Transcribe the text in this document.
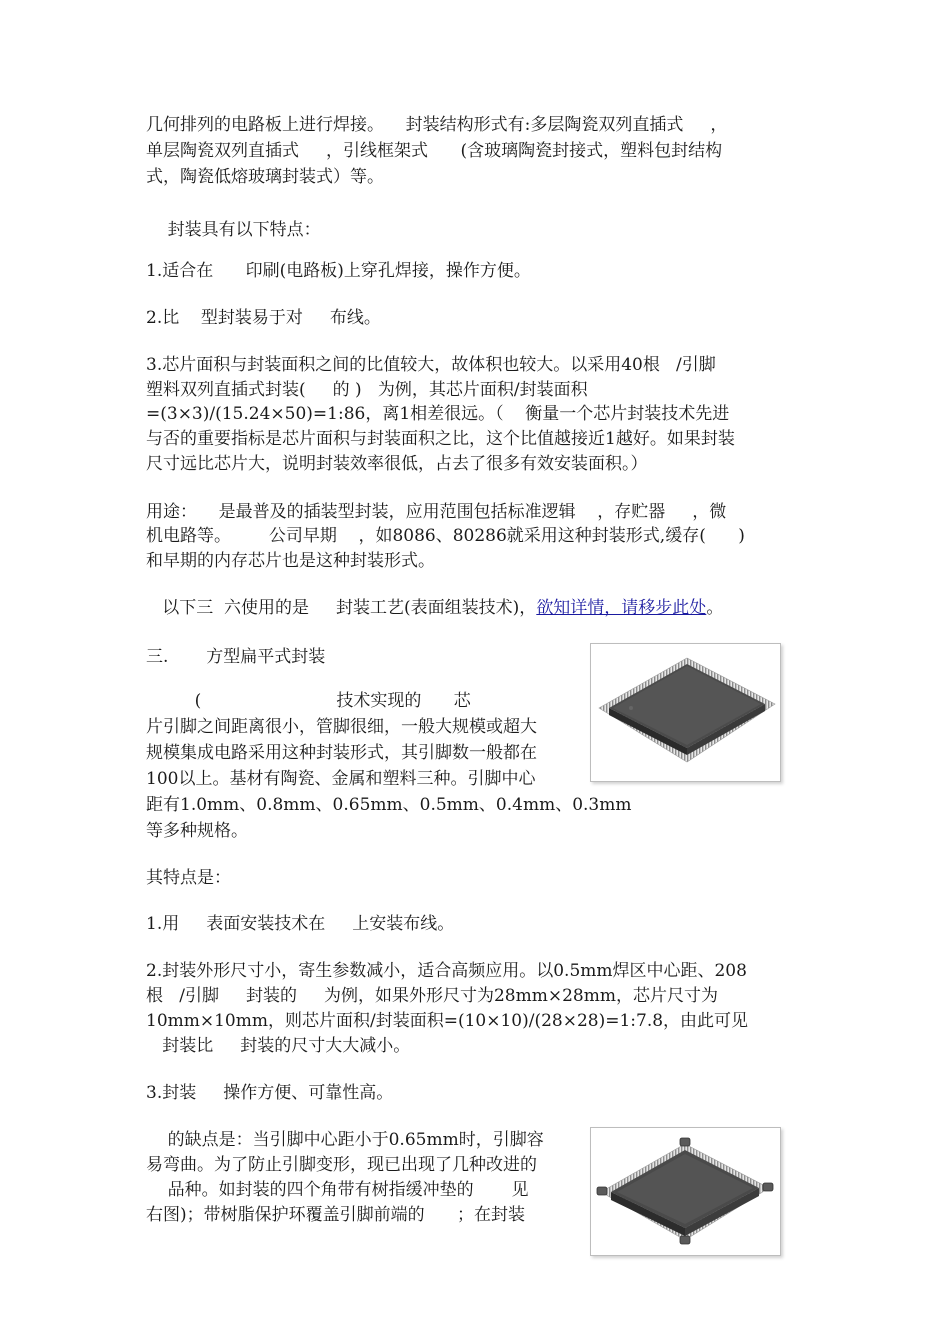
几何排列的电路板上进行焊接。    封装结构形式有:多层陶瓷双列直插式     ，
单层陶瓷双列直插式     ，引线框架式      (含玻璃陶瓷封接式，塑料包封结构
式，陶瓷低熔玻璃封装式）等。
封装具有以下特点：
1.适合在      印刷(电路板)上穿孔焊接，操作方便。
2.比    型封装易于对     布线。
3.芯片面积与封装面积之间的比值较大，故体积也较大。以采用40根   /引脚
塑料双列直插式封装(     的 )   为例，其芯片面积/封装面积
=(3×3)/(15.24×50)=1:86，离1相差很远。（    衡量一个芯片封装技术先进
与否的重要指标是芯片面积与封装面积之比，这个比值越接近1越好。如果封装
尺寸远比芯片大，说明封装效率很低，占去了很多有效安装面积。）
用途：    是最普及的插装型封装，应用范围包括标准逻辑    ，存贮器     ，微
机电路等。       公司早期    ，如8086、80286就采用这种封装形式,缓存(      )
和早期的内存芯片也是这种封装形式。
以下三  六使用的是     封装工艺(表面组装技术)，欲知详情，请移步此处。
三.       方型扁平式封装
(                         技术实现的      芯
片引脚之间距离很小，管脚很细，一般大规模或超大
规模集成电路采用这种封装形式，其引脚数一般都在
100以上。基材有陶瓷、金属和塑料三种。引脚中心
距有1.0mm、0.8mm、0.65mm、0.5mm、0.4mm、0.3mm
等多种规格。
其特点是：
1.用     表面安装技术在     上安装布线。
2.封装外形尺寸小，寄生参数减小，适合高频应用。以0.5mm焊区中心距、208
根   /引脚     封装的     为例，如果外形尺寸为28mm×28mm，芯片尺寸为
10mm×10mm，则芯片面积/封装面积=(10×10)/(28×28)=1:7.8，由此可见
封装比     封装的尺寸大大减小。
3.封装     操作方便、可靠性高。
的缺点是：当引脚中心距小于0.65mm时，引脚容
易弯曲。为了防止引脚变形，现已出现了几种改进的
品种。如封装的四个角带有树指缓冲垫的       见
右图)；带树脂保护环覆盖引脚前端的      ；在封装
